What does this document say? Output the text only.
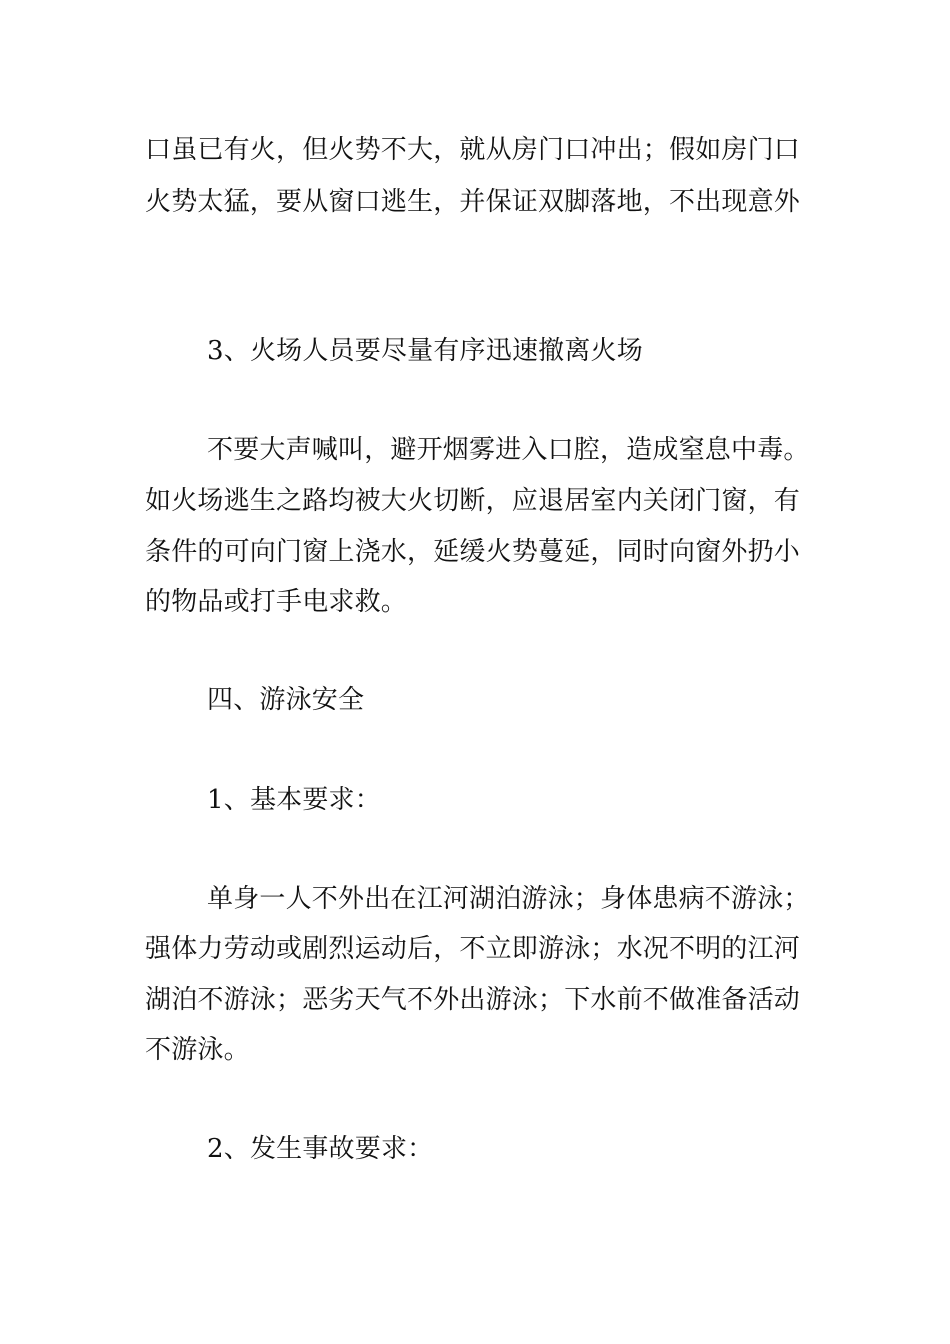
口虽已有火，但火势不大，就从房门口冲出；假如房门口
火势太猛，要从窗口逃生，并保证双脚落地，不出现意外
3、火场人员要尽量有序迅速撤离火场
不要大声喊叫，避开烟雾进入口腔，造成窒息中毒。
如火场逃生之路均被大火切断，应退居室内关闭门窗，有
条件的可向门窗上浇水，延缓火势蔓延，同时向窗外扔小
的物品或打手电求救。
四、游泳安全
1、基本要求：
单身一人不外出在江河湖泊游泳；身体患病不游泳；
强体力劳动或剧烈运动后，不立即游泳；水况不明的江河
湖泊不游泳；恶劣天气不外出游泳；下水前不做准备活动
不游泳。
2、发生事故要求：
